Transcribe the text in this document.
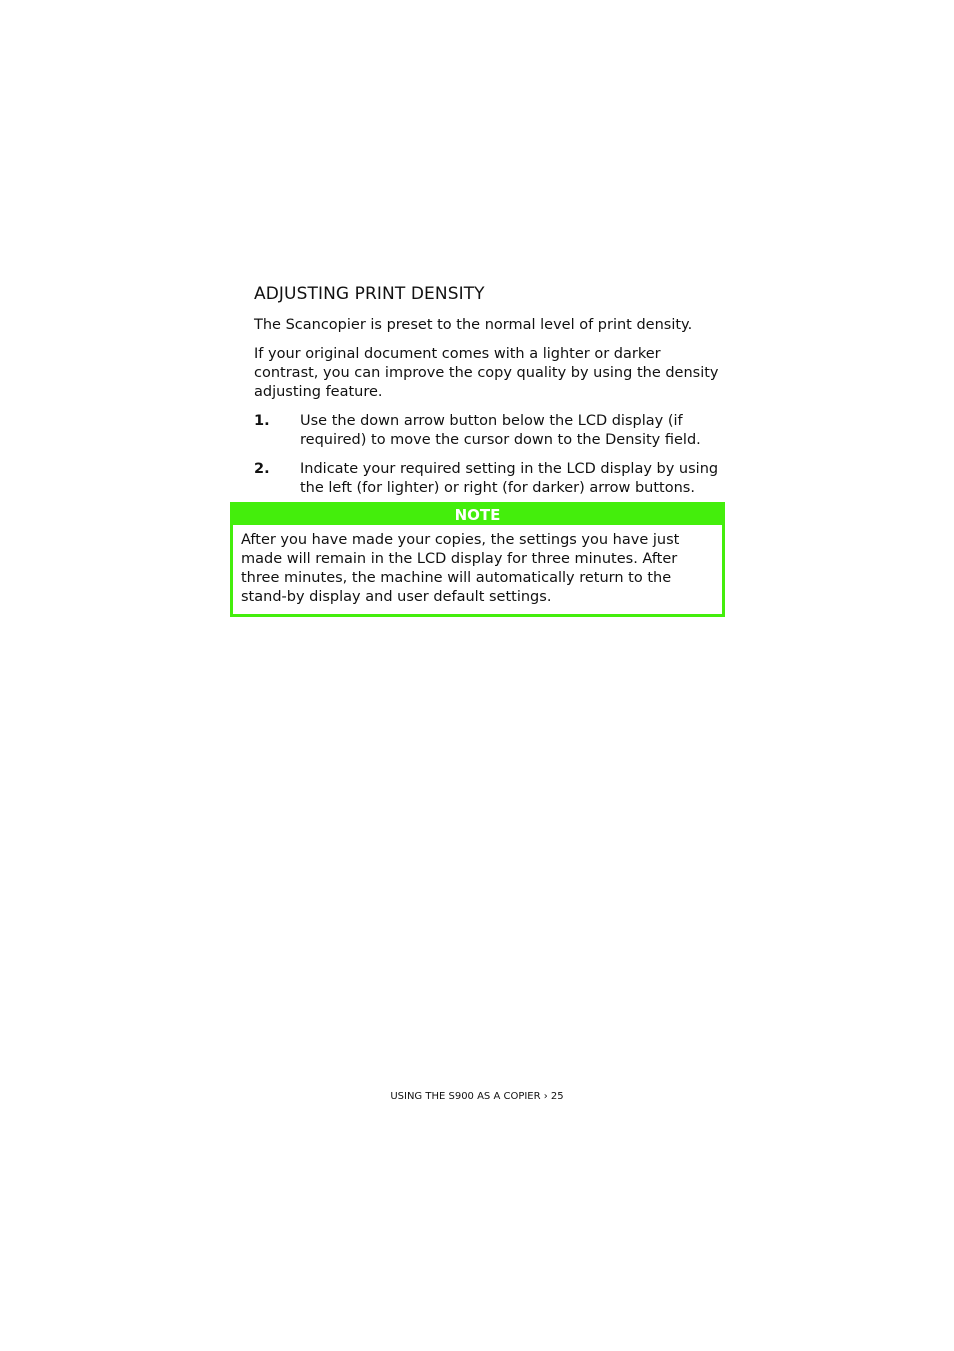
ADJUSTING PRINT DENSITY

The Scancopier is preset to the normal level of print density.

If your original document comes with a lighter or darker contrast, you can improve the copy quality by using the density adjusting feature.

1. Use the down arrow button below the LCD display (if required) to move the cursor down to the Density field.
2. Indicate your required setting in the LCD display by using the left (for lighter) or right (for darker) arrow buttons.
NOTE
After you have made your copies, the settings you have just made will remain in the LCD display for three minutes. After three minutes, the machine will automatically return to the stand-by display and user default settings.
USING THE S900 AS A COPIER › 25
